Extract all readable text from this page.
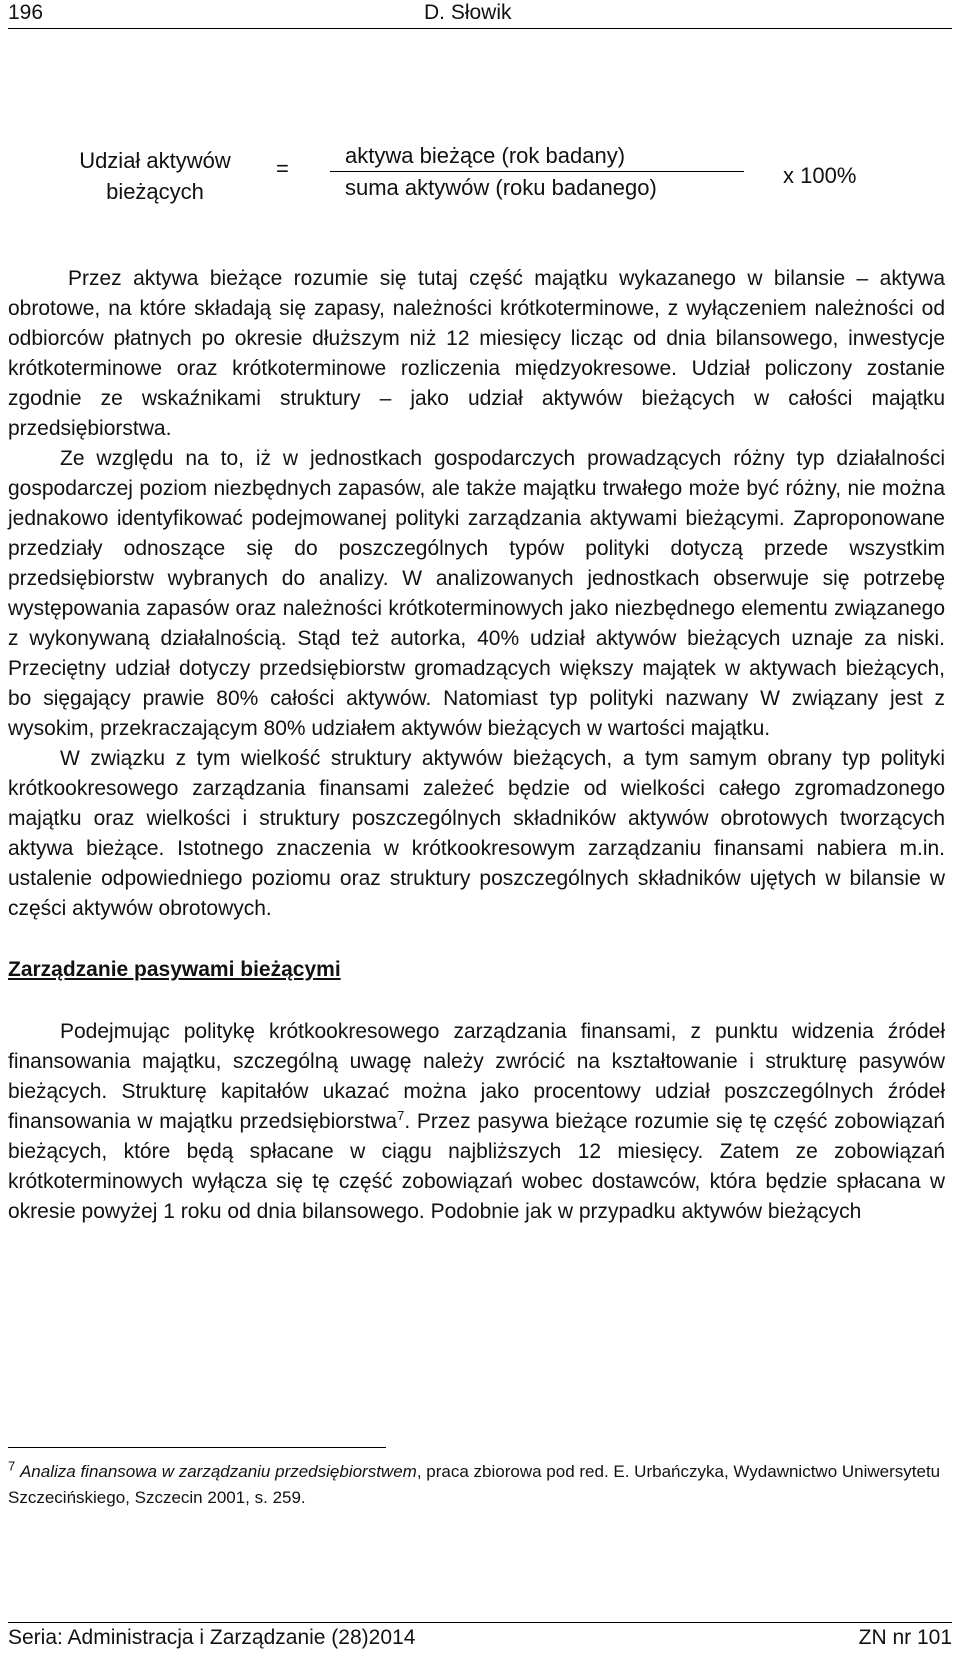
196	D. Słowik
Udział aktywów
bieżących
=
aktywa bieżące (rok badany)
suma aktywów (roku badanego)	x 100%

Przez aktywa bieżące rozumie się tutaj część majątku wykazanego w bilansie – aktywa obrotowe, na które składają się zapasy, należności krótkoterminowe, z wyłączeniem należności od odbiorców płatnych po okresie dłuższym niż 12 miesięcy licząc od dnia bilansowego, inwestycje krótkoterminowe oraz krótkoterminowe rozliczenia międzyokresowe. Udział policzony zostanie zgodnie ze wskaźnikami struktury – jako udział aktywów bieżących w całości majątku przedsiębiorstwa.

Ze względu na to, iż w jednostkach gospodarczych prowadzących różny typ działalności gospodarczej poziom niezbędnych zapasów, ale także majątku trwałego może być różny, nie można jednakowo identyfikować podejmowanej polityki zarządzania aktywami bieżącymi. Zaproponowane przedziały odnoszące się do poszczególnych typów polityki dotyczą przede wszystkim przedsiębiorstw wybranych do analizy. W analizowanych jednostkach obserwuje się potrzebę występowania zapasów oraz należności krótkoterminowych jako niezbędnego elementu związanego z wykonywaną działalnością. Stąd też autorka, 40% udział aktywów bieżących uznaje za niski. Przeciętny udział dotyczy przedsiębiorstw gromadzących większy majątek w aktywach bieżących, bo sięgający prawie 80% całości aktywów. Natomiast typ polityki nazwany W związany jest z wysokim, przekraczającym 80% udziałem aktywów bieżących w wartości majątku.

W związku z tym wielkość struktury aktywów bieżących, a tym samym obrany typ polityki krótkookresowego zarządzania finansami zależeć będzie od wielkości całego zgromadzonego majątku oraz wielkości i struktury poszczególnych składników aktywów obrotowych tworzących aktywa bieżące. Istotnego znaczenia w krótkookresowym zarządzaniu finansami nabiera m.in. ustalenie odpowiedniego poziomu oraz struktury poszczególnych składników ujętych w bilansie w części aktywów obrotowych.

Zarządzanie pasywami bieżącymi

Podejmując politykę krótkookresowego zarządzania finansami, z punktu widzenia źródeł finansowania majątku, szczególną uwagę należy zwrócić na kształtowanie i strukturę pasywów bieżących. Strukturę kapitałów ukazać można jako procentowy udział poszczególnych źródeł finansowania w majątku przedsiębiorstwa$^7$. Przez pasywa bieżące rozumie się tę część zobowiązań bieżących, które będą spłacane w ciągu najbliższych 12 miesięcy. Zatem ze zobowiązań krótkoterminowych wyłącza się tę część zobowiązań wobec dostawców, która będzie spłacana w okresie powyżej 1 roku od dnia bilansowego. Podobnie jak w przypadku aktywów bieżących

$^7$ Analiza finansowa w zarządzaniu przedsiębiorstwem, praca zbiorowa pod red. E. Urbańczyka, Wydawnictwo Uniwersytetu Szczecińskiego, Szczecin 2001, s. 259.
Seria: Administracja i Zarządzanie (28)2014	ZN nr 101
